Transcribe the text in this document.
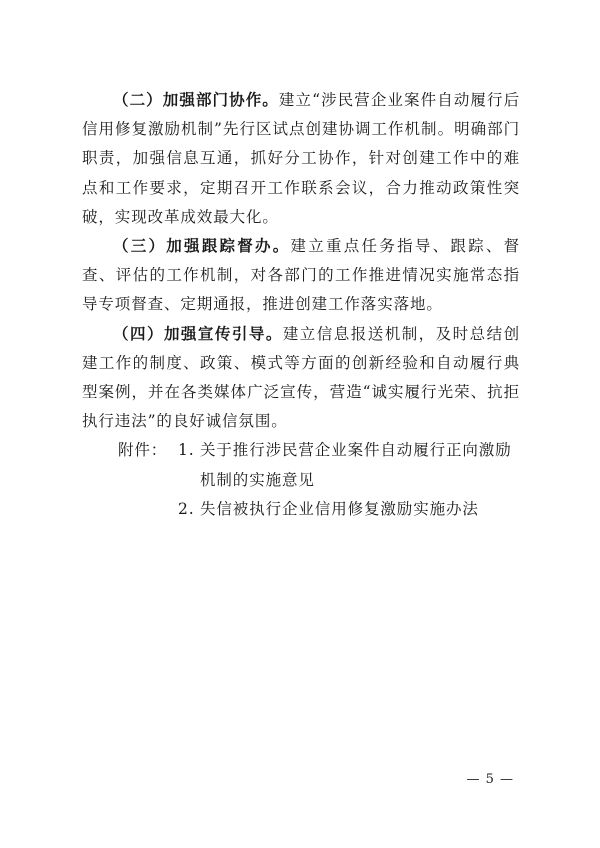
（二）加强部门协作。建立“涉民营企业案件自动履行后信用修复激励机制”先行区试点创建协调工作机制。明确部门职责，加强信息互通，抓好分工协作，针对创建工作中的难点和工作要求，定期召开工作联系会议，合力推动政策性突破，实现改革成效最大化。

（三）加强跟踪督办。建立重点任务指导、跟踪、督查、评估的工作机制，对各部门的工作推进情况实施常态指导专项督查、定期通报，推进创建工作落实落地。

（四）加强宣传引导。建立信息报送机制，及时总结创建工作的制度、政策、模式等方面的创新经验和自动履行典型案例，并在各类媒体广泛宣传，营造“诚实履行光荣、抗拒执行违法”的良好诚信氛围。

附件： 1. 关于推行涉民营企业案件自动履行正向激励机制的实施意见
2. 失信被执行企业信用修复激励实施办法
— 5 —
